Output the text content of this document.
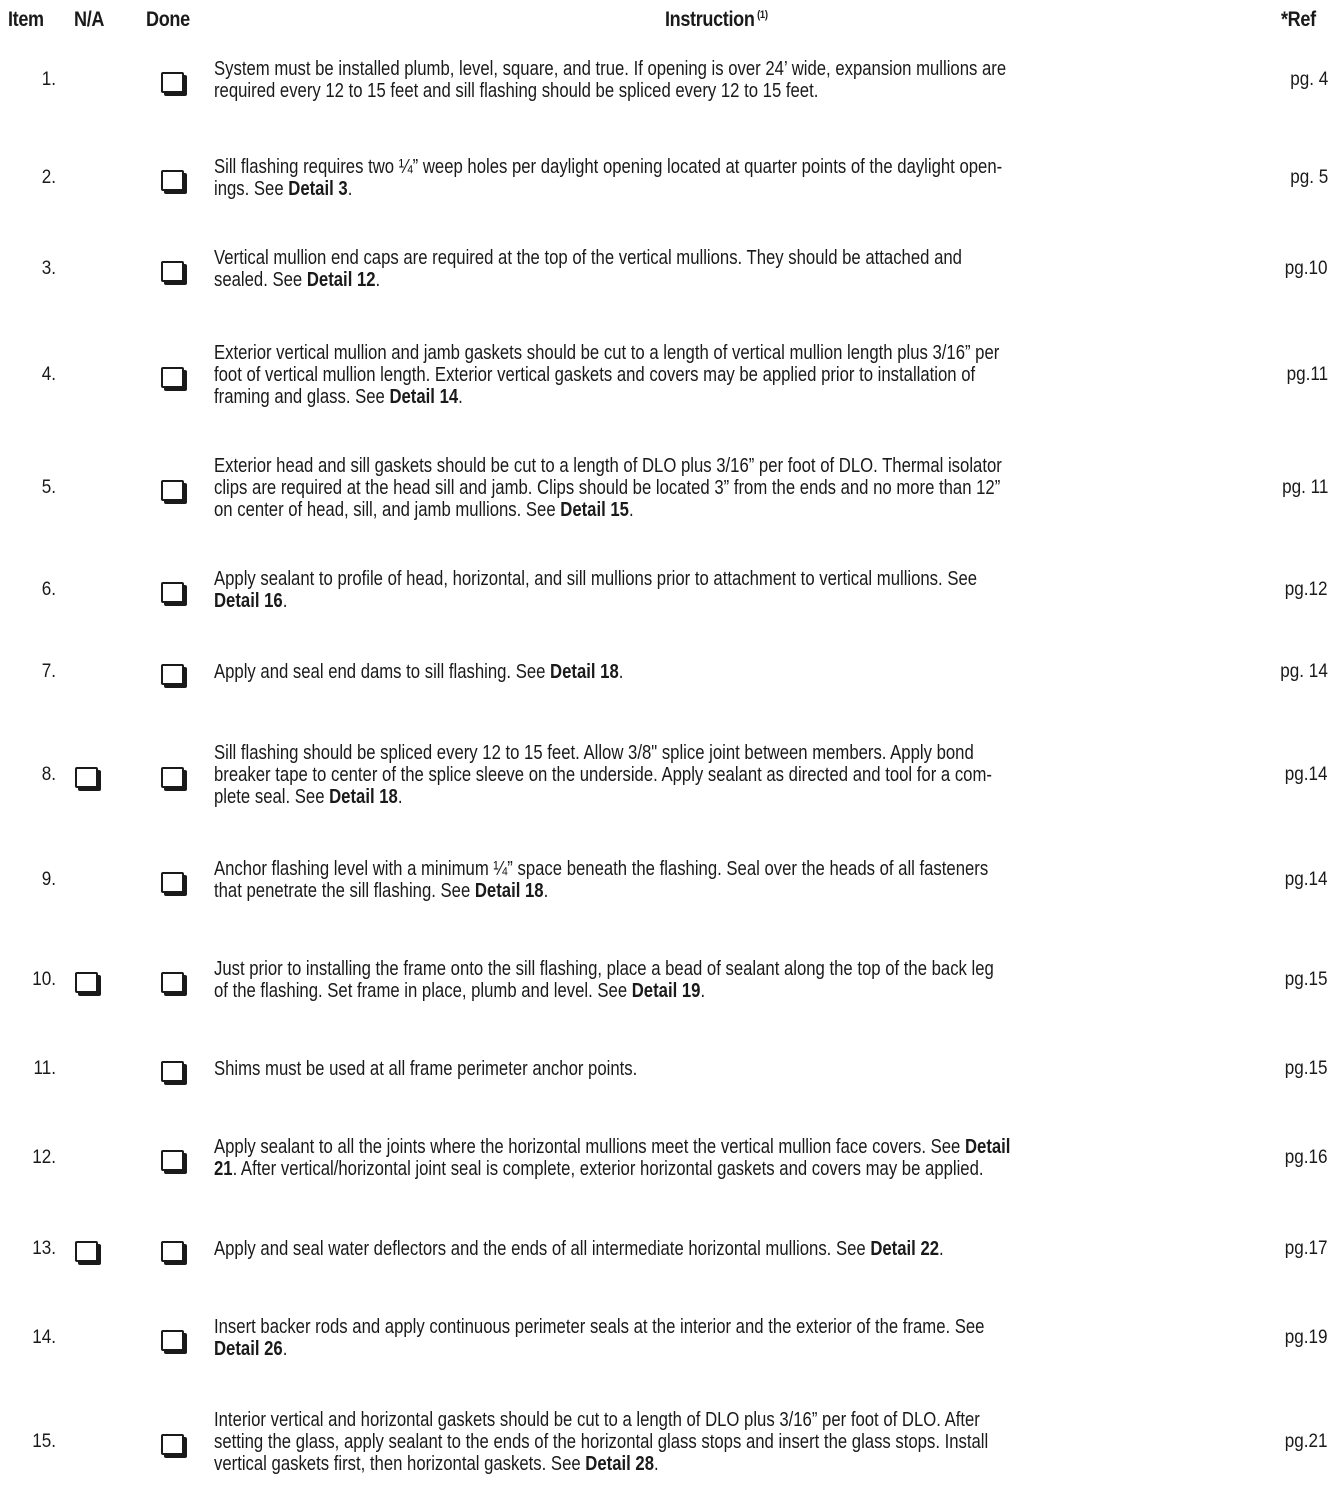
Item N/A Done	Instruction $^{(1)}$	*Ref
1.	System must be installed plumb, level, square, and true. If opening is over 24’ wide, expansion mullions are
required every 12 to 15 feet and sill flashing should be spliced every 12 to 15 feet.
pg. 4
2.	Sill flashing requires two ¼” weep holes per daylight opening located at quarter points of the daylight open-
ings. See Detail 3.
pg. 5
3.	Vertical mullion end caps are required at the top of the vertical mullions. They should be attached and
sealed. See Detail 12.
pg.10
4.
Exterior vertical mullion and jamb gaskets should be cut to a length of vertical mullion length plus 3/16” per
foot of vertical mullion length. Exterior vertical gaskets and covers may be applied prior to installation of
framing and glass. See Detail 14.
pg.11
5.
Exterior head and sill gaskets should be cut to a length of DLO plus 3/16” per foot of DLO. Thermal isolator
clips are required at the head sill and jamb. Clips should be located 3” from the ends and no more than 12”
on center of head, sill, and jamb mullions. See Detail 15.
pg. 11
6.	Apply sealant to profile of head, horizontal, and sill mullions prior to attachment to vertical mullions. See
Detail 16.
pg.12
7.	Apply and seal end dams to sill flashing. See Detail 18.	pg. 14
8.
Sill flashing should be spliced every 12 to 15 feet. Allow 3/8" splice joint between members. Apply bond
breaker tape to center of the splice sleeve on the underside. Apply sealant as directed and tool for a com-
plete seal. See Detail 18.
pg.14
9.	Anchor flashing level with a minimum ¼” space beneath the flashing. Seal over the heads of all fasteners
that penetrate the sill flashing. See Detail 18.
pg.14
10.	Just prior to installing the frame onto the sill flashing, place a bead of sealant along the top of the back leg
of the flashing. Set frame in place, plumb and level. See Detail 19.
pg.15
11.	Shims must be used at all frame perimeter anchor points.	pg.15
12.	Apply sealant to all the joints where the horizontal mullions meet the vertical mullion face covers. See Detail
21. After vertical/horizontal joint seal is complete, exterior horizontal gaskets and covers may be applied.
pg.16
13.	Apply and seal water deflectors and the ends of all intermediate horizontal mullions. See Detail 22.	pg.17
14.	Insert backer rods and apply continuous perimeter seals at the interior and the exterior of the frame. See
Detail 26.
pg.19
15.
Interior vertical and horizontal gaskets should be cut to a length of DLO plus 3/16” per foot of DLO. After
setting the glass, apply sealant to the ends of the horizontal glass stops and insert the glass stops. Install
vertical gaskets first, then horizontal gaskets. See Detail 28.
pg.21
